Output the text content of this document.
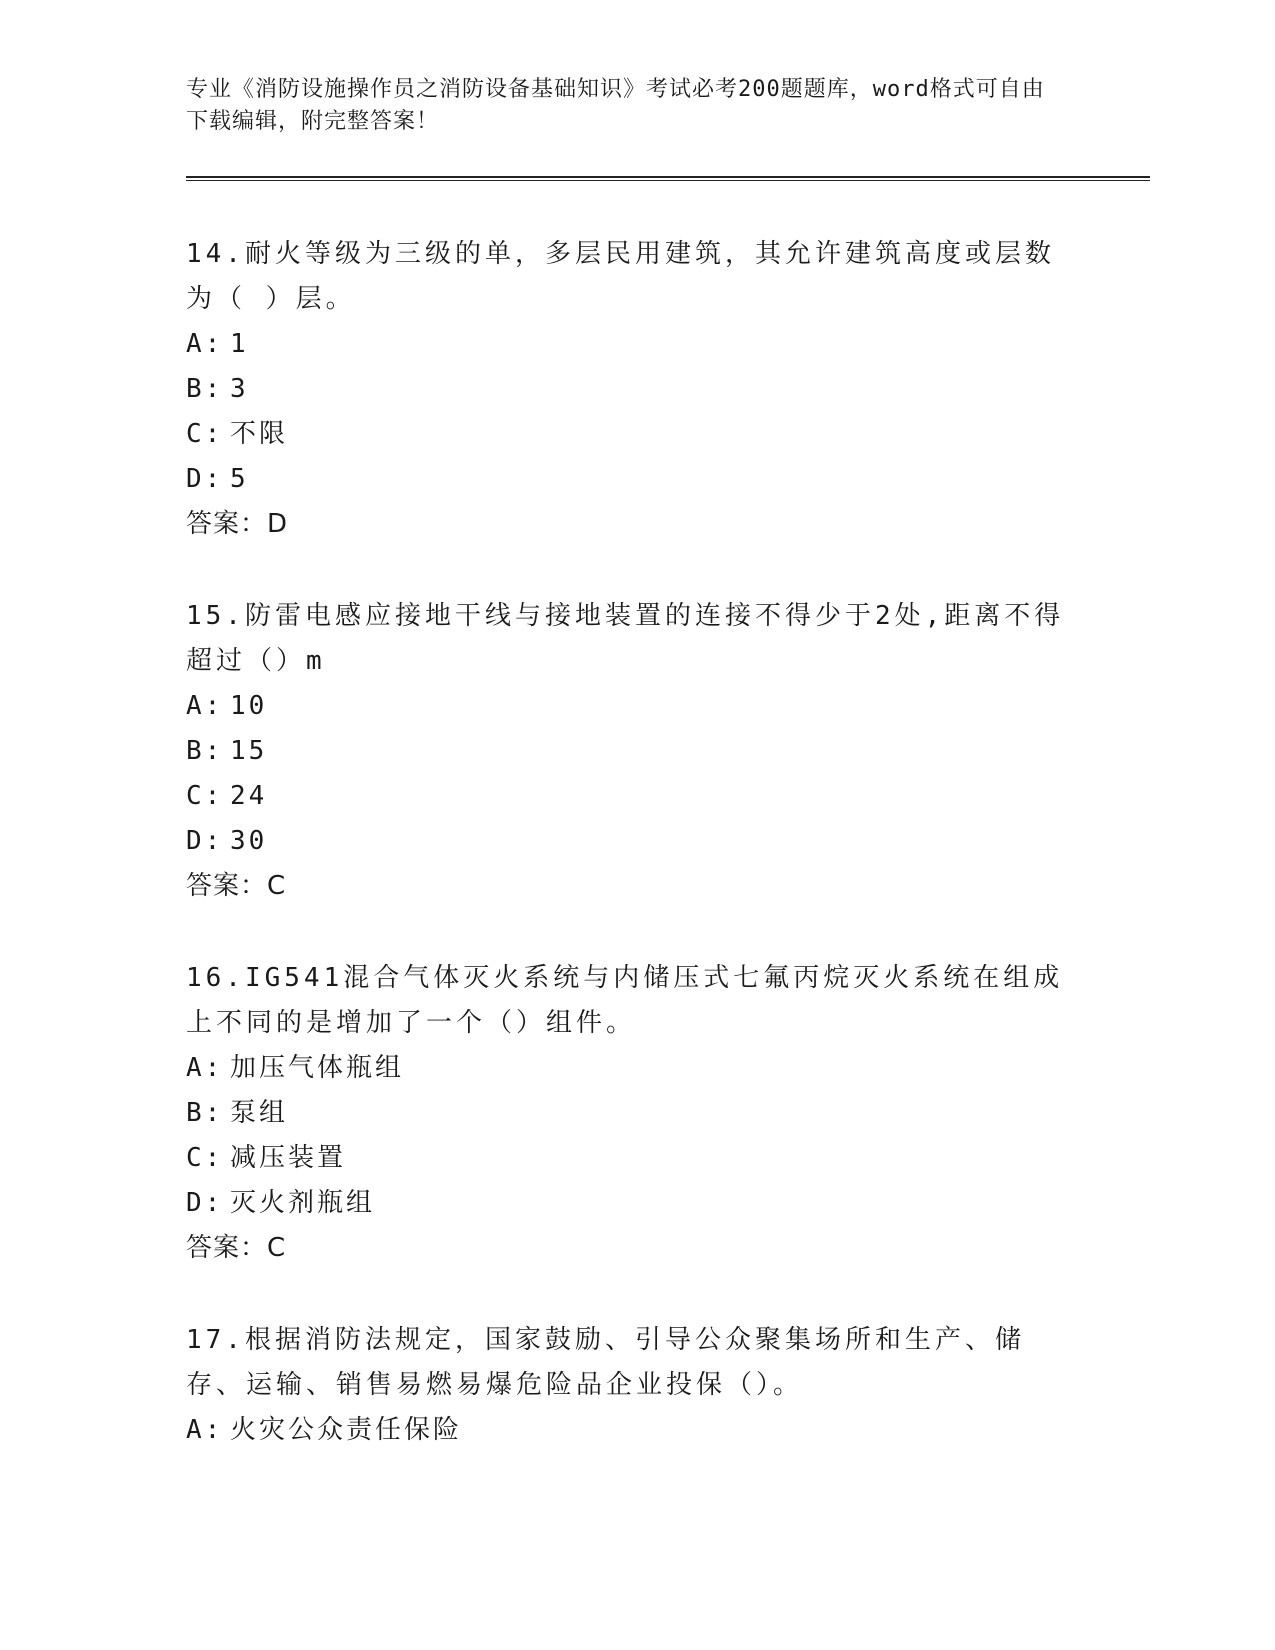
专业《消防设施操作员之消防设备基础知识》考试必考200题题库，word格式可自由下载编辑，附完整答案！
14.耐火等级为三级的单，多层民用建筑，其允许建筑高度或层数为（ ）层。
A: 1
B: 3
C: 不限
D: 5
答案：D
15.防雷电感应接地干线与接地装置的连接不得少于2处,距离不得超过（）m
A: 10
B: 15
C: 24
D: 30
答案：C
16.IG541混合气体灭火系统与内储压式七氟丙烷灭火系统在组成上不同的是增加了一个（）组件。
A: 加压气体瓶组
B: 泵组
C: 减压装置
D: 灭火剂瓶组
答案：C
17.根据消防法规定，国家鼓励、引导公众聚集场所和生产、储存、运输、销售易燃易爆危险品企业投保（）。
A: 火灾公众责任保险
